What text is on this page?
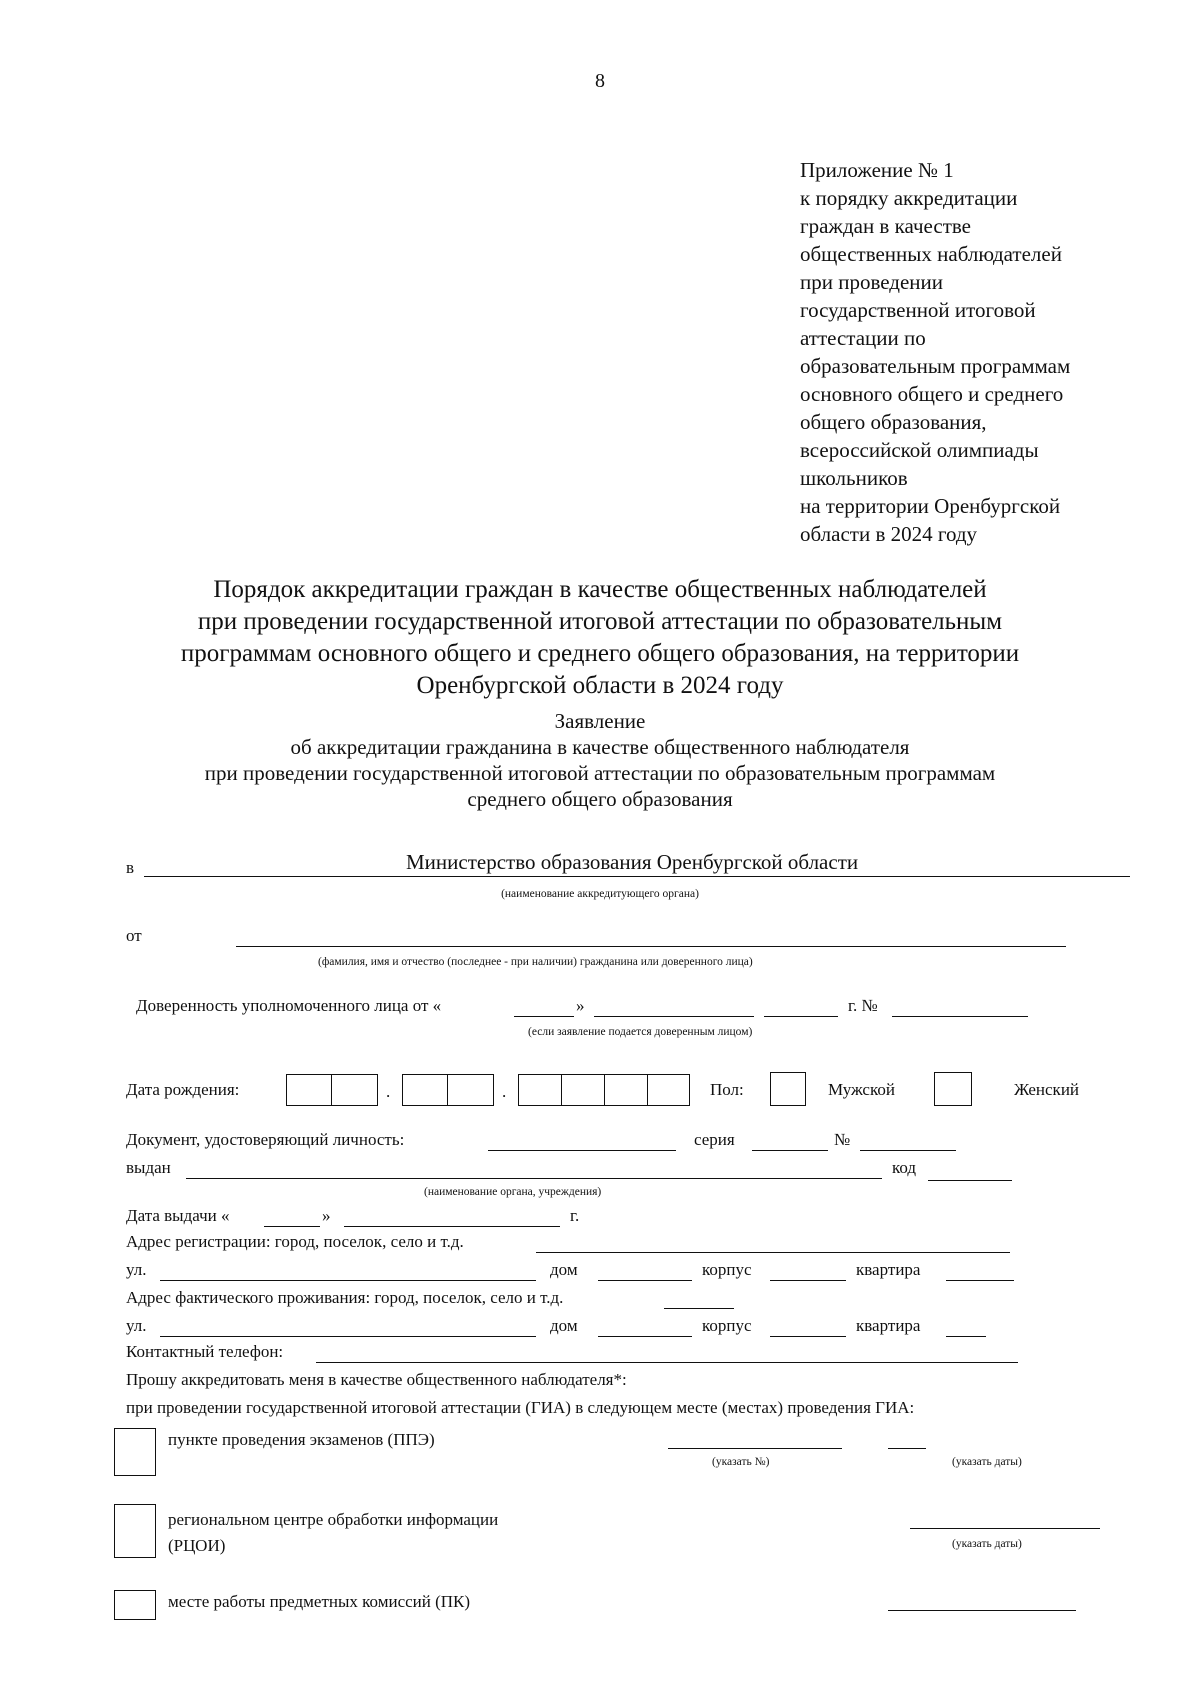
8
Приложение № 1
к порядку аккредитации
граждан в качестве
общественных наблюдателей
при проведении
государственной итоговой
аттестации по
образовательным программам
основного общего и среднего
общего образования,
всероссийской олимпиады
школьников
на территории Оренбургской
области в 2024 году
Порядок аккредитации граждан в качестве общественных наблюдателей
при проведении государственной итоговой аттестации по образовательным
программам основного общего и среднего общего образования, на территории
Оренбургской области в 2024 году
Заявление
об аккредитации гражданина в качестве общественного наблюдателя
при проведении государственной итоговой аттестации по образовательным программам
среднего общего образования
в	Министерство образования Оренбургской области
(наименование аккредитующего органа)
от
(фамилия, имя и отчество (последнее - при наличии) гражданина или доверенного лица)
Доверенность уполномоченного лица от «	»	г. №
(если заявление подается доверенным лицом)
Дата рождения:	.	.	Пол:	Мужской	Женский
Документ, удостоверяющий личность:	серия	№
выдан	код
(наименование органа, учреждения)
Дата выдачи «	»	г.
Адрес регистрации: город, поселок, село и т.д.
ул.	дом	корпус	квартира
Адрес фактического проживания: город, поселок, село и т.д.
ул.	дом	корпус	квартира
Контактный телефон:
Прошу аккредитовать меня в качестве общественного наблюдателя*:
при проведении государственной итоговой аттестации (ГИА) в следующем месте (местах) проведения ГИА:
пункте проведения экзаменов (ППЭ)
(указать №)	(указать даты)
региональном центре обработки информации
(РЦОИ)	(указать даты)
месте работы предметных комиссий (ПК)
